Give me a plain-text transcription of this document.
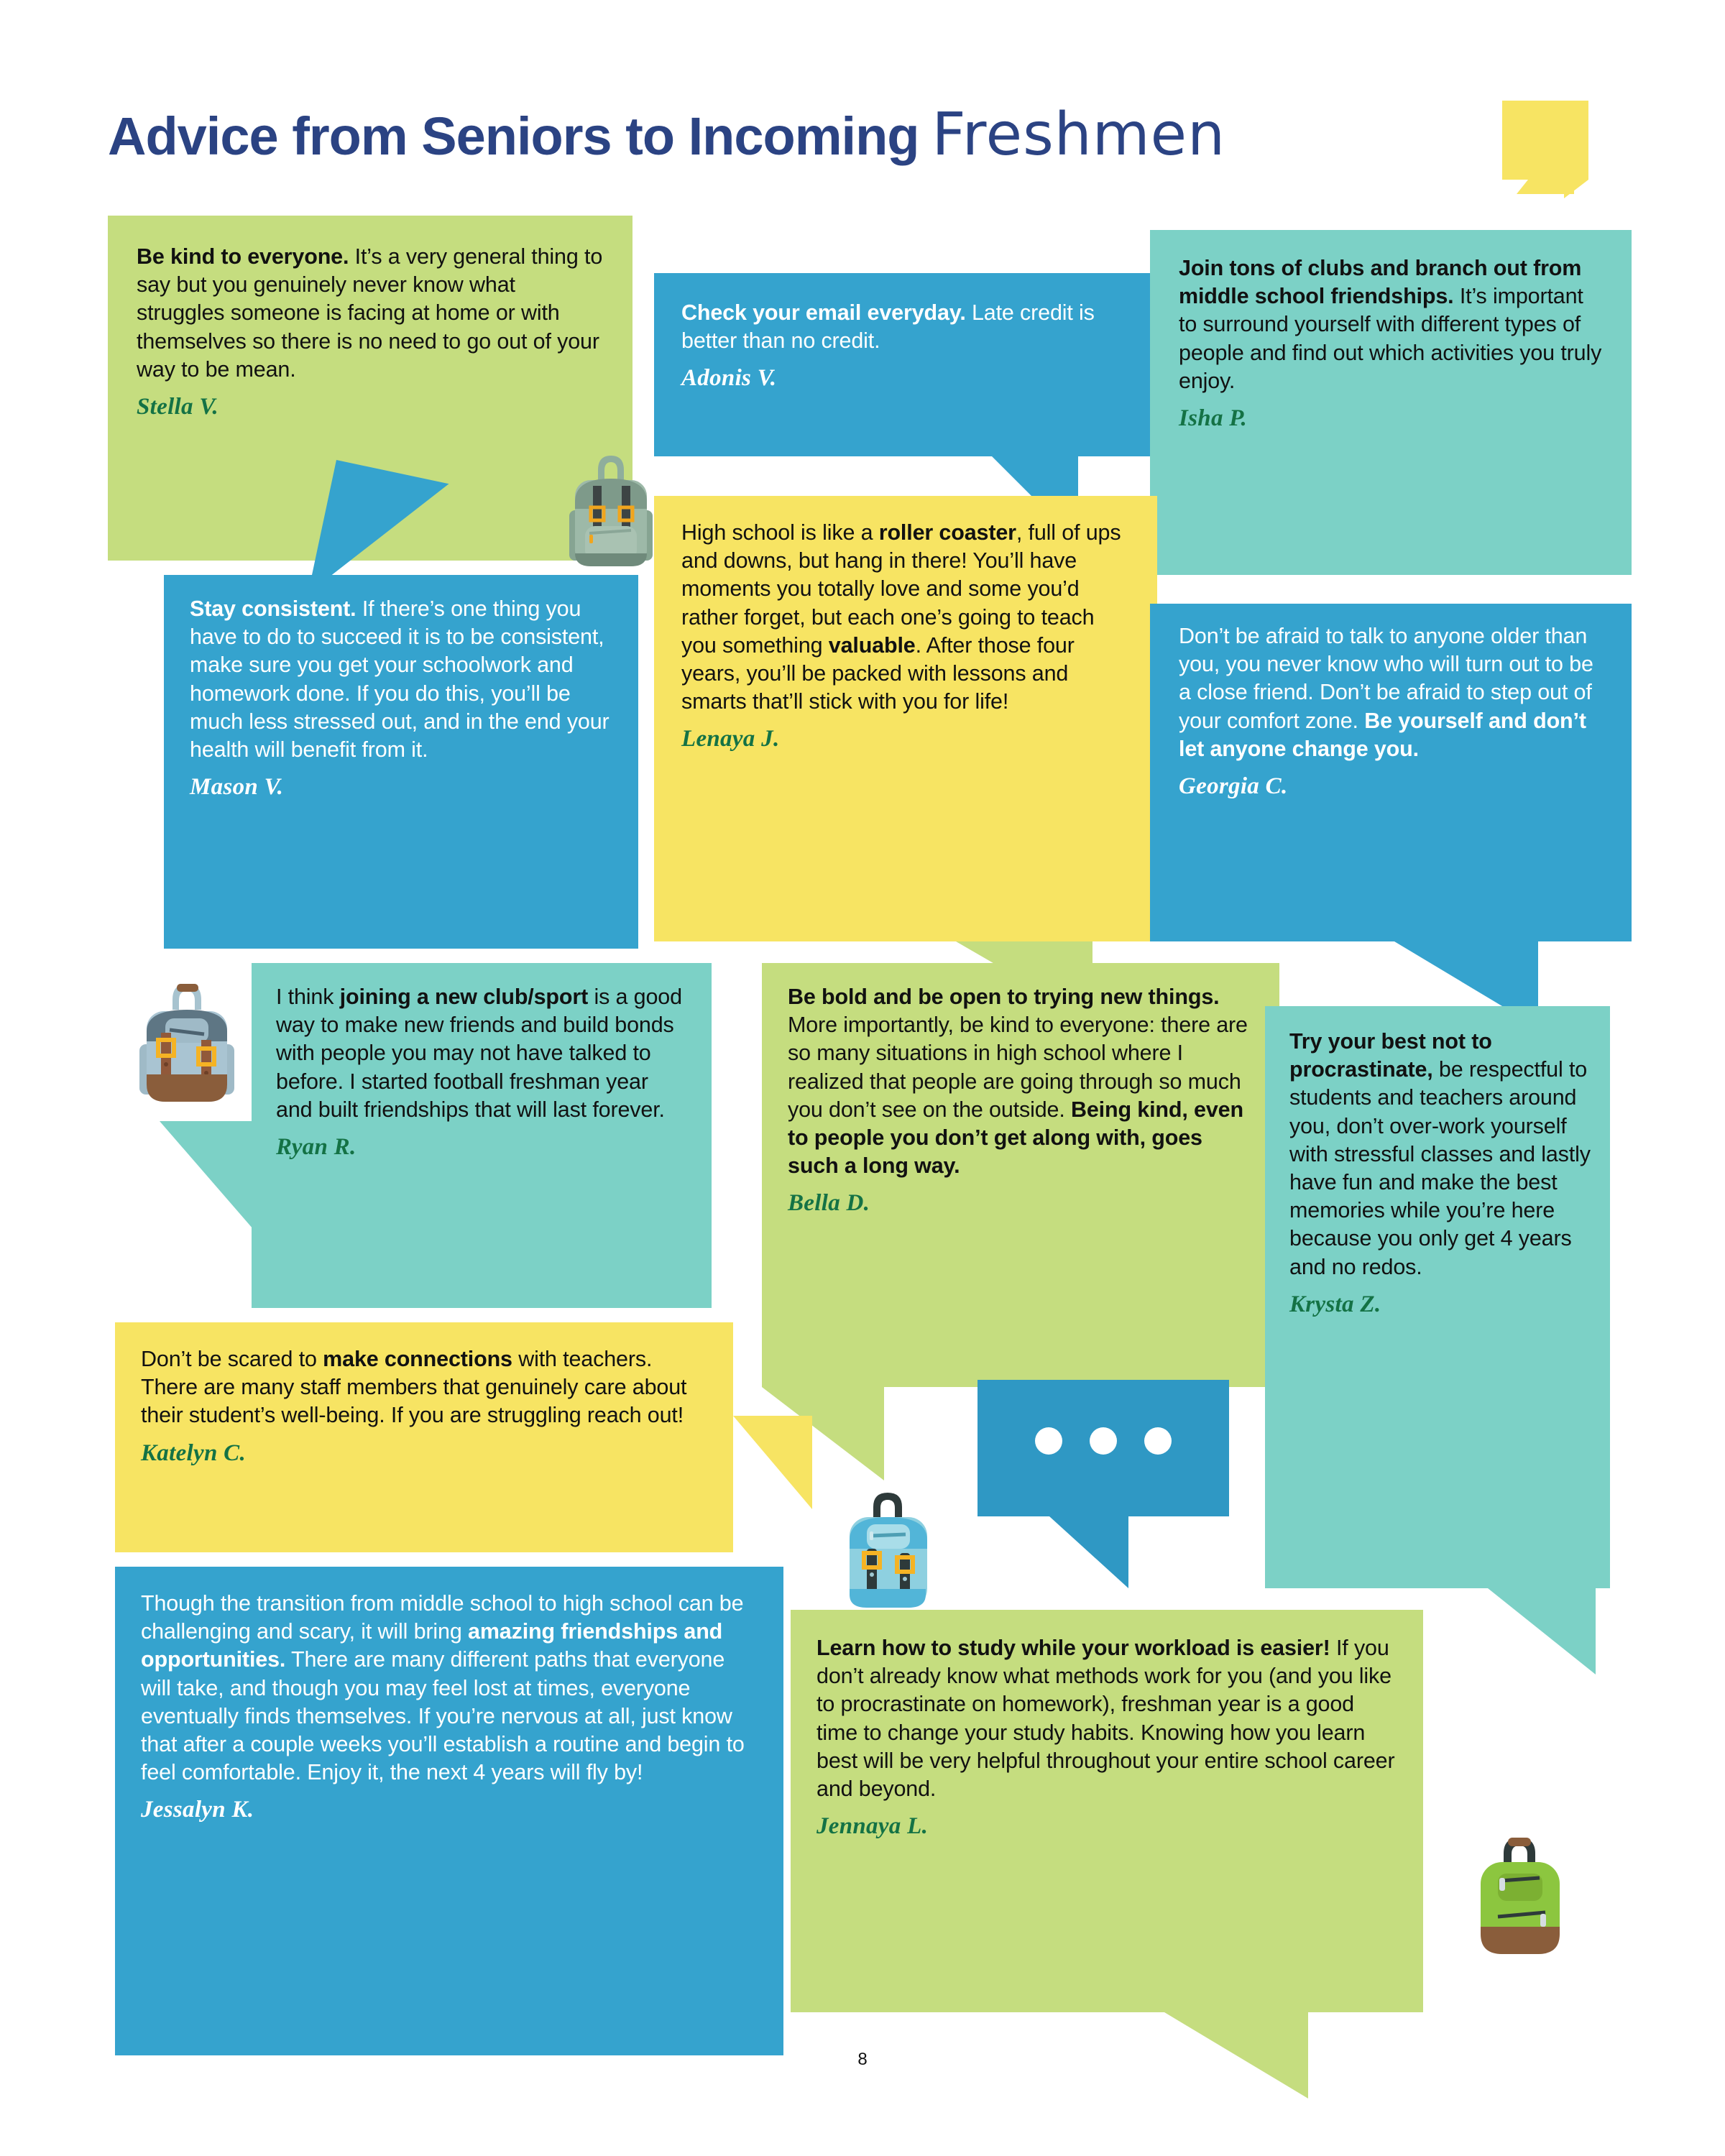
Advice from Seniors to Incoming Freshmen
Be kind to everyone. It’s a very general thing to say but you genuinely never know what struggles someone is facing at home or with themselves so there is no need to go out of your way to be mean.
Stella V.
Check your email everyday. Late credit is better than no credit.
Adonis V.
Join tons of clubs and branch out from middle school friendships. It’s important to surround yourself with different types of people and find out which activities you truly enjoy.
Isha P.
Stay consistent. If there’s one thing you have to do to succeed it is to be consistent, make sure you get your schoolwork and homework done. If you do this, you’ll be much less stressed out, and in the end your health will benefit from it.
Mason V.
High school is like a roller coaster, full of ups and downs, but hang in there! You’ll have moments you totally love and some you’d rather forget, but each one’s going to teach you something valuable. After those four years, you’ll be packed with lessons and smarts that’ll stick with you for life!
Lenaya J.
Don’t be afraid to talk to anyone older than you, you never know who will turn out to be a close friend. Don’t be afraid to step out of your comfort zone. Be yourself and don’t let anyone change you.
Georgia C.
I think joining a new club/sport is a good way to make new friends and build bonds with people you may not have talked to before. I started football freshman year and built friendships that will last forever.
Ryan R.
Be bold and be open to trying new things. More importantly, be kind to everyone: there are so many situations in high school where I realized that people are going through so much you don’t see on the outside. Being kind, even to people you don’t get along with, goes such a long way.
Bella D.
Try your best not to procrastinate, be respectful to students and teachers around you, don’t over-work yourself with stressful classes and lastly have fun and make the best memories while you’re here because you only get 4 years and no redos.
Krysta Z.
Don’t be scared to make connections with teachers. There are many staff members that genuinely care about their student’s well-being. If you are struggling reach out!
Katelyn C.
Though the transition from middle school to high school can be challenging and scary, it will bring amazing friendships and opportunities. There are many different paths that everyone will take, and though you may feel lost at times, everyone eventually finds themselves. If you’re nervous at all, just know that after a couple weeks you’ll establish a routine and begin to feel comfortable. Enjoy it, the next 4 years will fly by!
Jessalyn K.
Learn how to study while your workload is easier! If you don’t already know what methods work for you (and you like to procrastinate on homework), freshman year is a good time to change your study habits. Knowing how you learn best will be very helpful throughout your entire school career and beyond.
Jennaya L.
8
